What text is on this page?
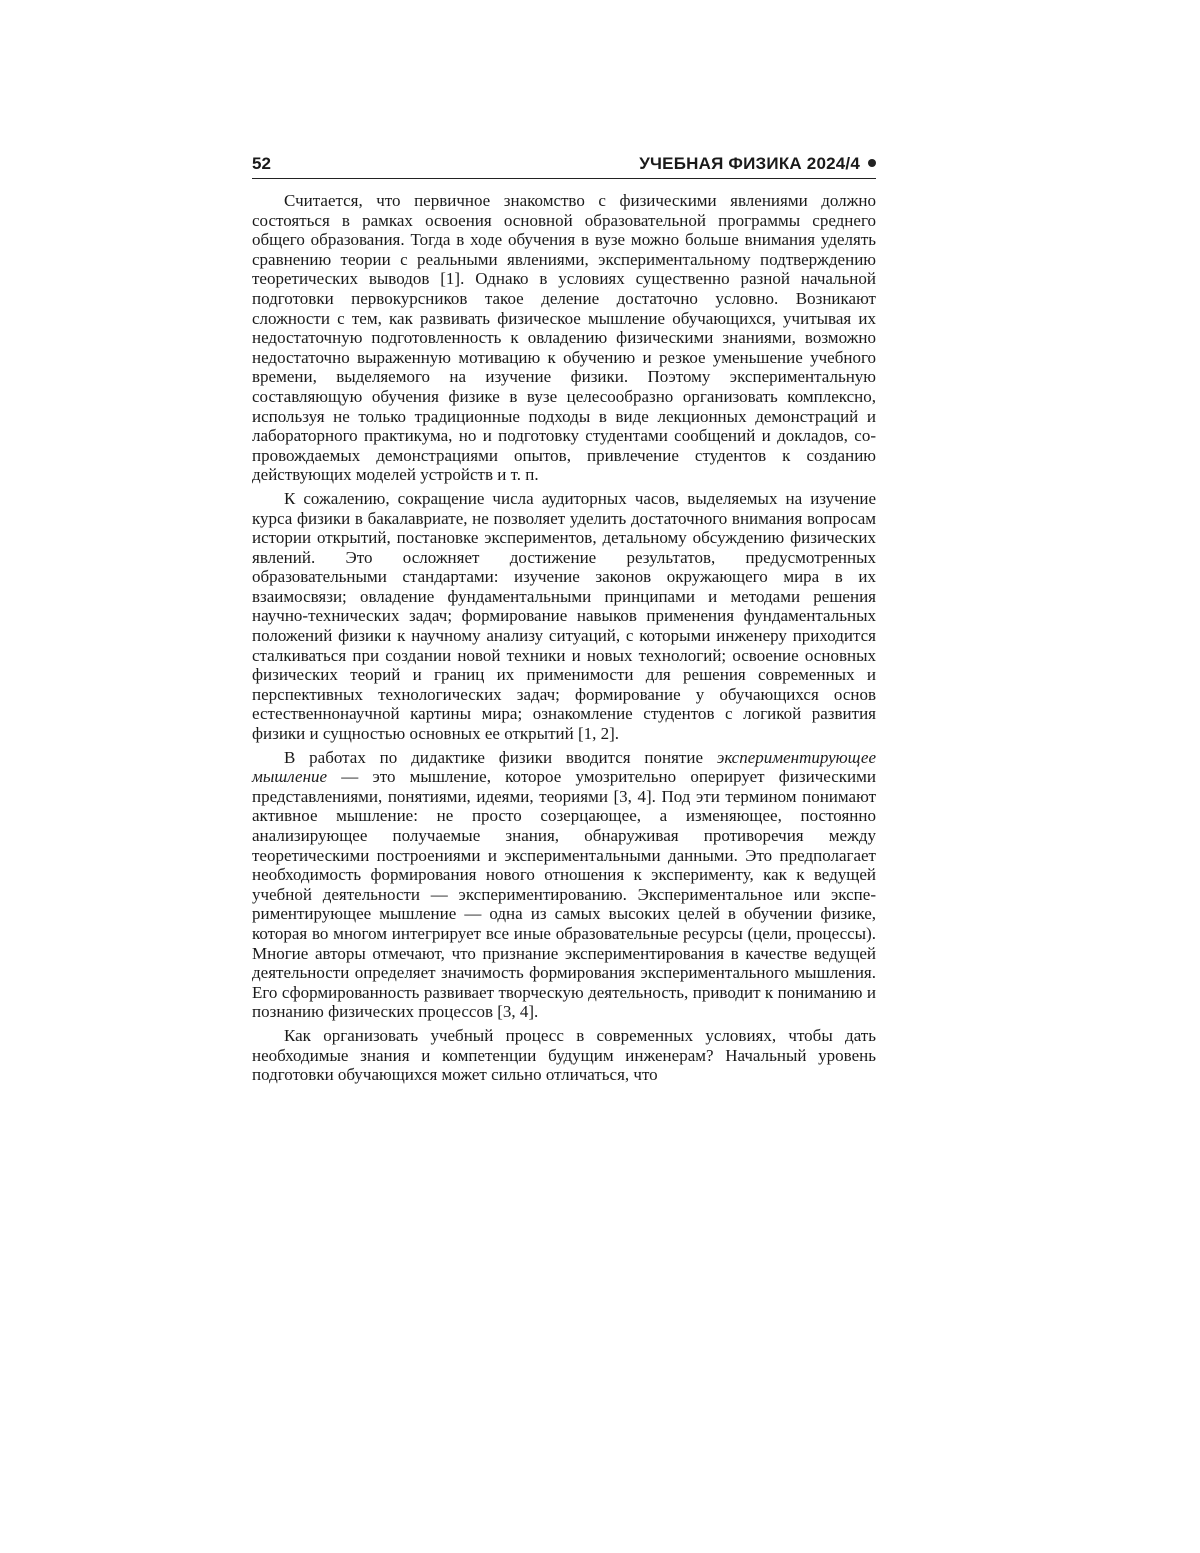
52	УЧЕБНАЯ ФИЗИКА 2024/4

Считается, что первичное знакомство с физическими явлениями должно состояться в рамках освоения основной образовательной программы среднего общего образования. Тогда в ходе обучения в вузе можно больше внимания уделять сравнению теории с реальными явлениями, экспериментальному подтверждению теоретических выводов [1]. Однако в условиях существенно разной начальной подготовки первокурсников такое деление достаточно условно. Возникают сложности с тем, как развивать физическое мышление обучающихся, учитывая их недостаточную подготовленность к овладению физическими знаниями, возможно недостаточно выраженную мотивацию к обучению и резкое уменьшение учебного времени, выделяемого на изучение физики. Поэтому экспериментальную составляющую обучения физике в вузе целесообразно организовать комплексно, используя не только традиционные подходы в виде лекционных демонстраций и лабораторного практикума, но и подготовку студентами сообщений и докладов, сопровождаемых демонстрациями опытов, привлечение студентов к созданию действующих моделей устройств и т. п.

К сожалению, сокращение числа аудиторных часов, выделяемых на изучение курса физики в бакалавриате, не позволяет уделить достаточного внимания вопросам истории открытий, постановке экспериментов, детальному обсуждению физических явлений. Это осложняет достижение результатов, предусмотренных образовательными стандартами: изучение законов окружающего мира в их взаимосвязи; овладение фундаментальными принципами и методами решения научно-технических задач; формирование навыков применения фундаментальных положений физики к научному анализу ситуаций, с которыми инженеру приходится сталкиваться при создании новой техники и новых технологий; освоение основных физических теорий и границ их применимости для решения современных и перспективных технологических задач; формирование у обучающихся основ естественнонаучной картины мира; ознакомление студентов с логикой развития физики и сущностью основных ее открытий [1, 2].

В работах по дидактике физики вводится понятие экспериментирующее мышление — это мышление, которое умозрительно оперирует физическими представлениями, понятиями, идеями, теориями [3, 4]. Под эти термином понимают активное мышление: не просто созерцающее, а изменяющее, постоянно анализирующее получаемые знания, обнаруживая противоречия между теоретическими построениями и экспериментальными данными. Это предполагает необходимость формирования нового отношения к эксперименту, как к ведущей учебной деятельности — экспериментированию. Экспериментальное или экспериментирующее мышление — одна из самых высоких целей в обучении физике, которая во многом интегрирует все иные образовательные ресурсы (цели, процессы). Многие авторы отмечают, что признание экспериментирования в качестве ведущей деятельности определяет значимость формирования экспериментального мышления. Его сформированность развивает творческую деятельность, приводит к пониманию и познанию физических процессов [3, 4].

Как организовать учебный процесс в современных условиях, чтобы дать необходимые знания и компетенции будущим инженерам? Начальный уровень подготовки обучающихся может сильно отличаться, что
